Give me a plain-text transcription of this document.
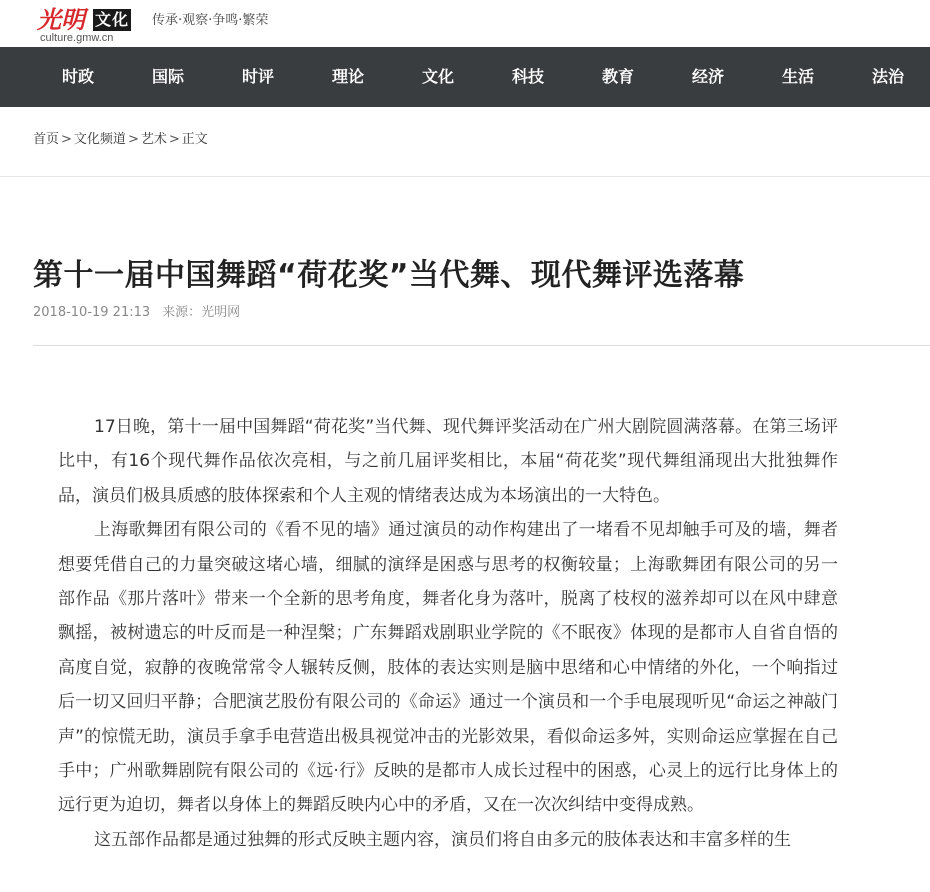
光明 文化
culture.gmw.cn
传承·观察·争鸣·繁荣
时政	国际	时评	理论	文化	科技	教育	经济	生活	法治
首页 > 文化频道 > 艺术 > 正文
第十一届中国舞蹈“荷花奖”当代舞、现代舞评选落幕
2018-10-19 21:13 来源：光明网

17日晚，第十一届中国舞蹈“荷花奖”当代舞、现代舞评奖活动在广州大剧院圆满落幕。在第三场评比中，有16个现代舞作品依次亮相，与之前几届评奖相比，本届“荷花奖”现代舞组涌现出大批独舞作品，演员们极具质感的肢体探索和个人主观的情绪表达成为本场演出的一大特色。

上海歌舞团有限公司的《看不见的墙》通过演员的动作构建出了一堵看不见却触手可及的墙，舞者想要凭借自己的力量突破这堵心墙，细腻的演绎是困惑与思考的权衡较量；上海歌舞团有限公司的另一部作品《那片落叶》带来一个全新的思考角度，舞者化身为落叶，脱离了枝杈的滋养却可以在风中肆意飘摇，被树遗忘的叶反而是一种涅槃；广东舞蹈戏剧职业学院的《不眠夜》体现的是都市人自省自悟的高度自觉，寂静的夜晚常常令人辗转反侧，肢体的表达实则是脑中思绪和心中情绪的外化，一个响指过后一切又回归平静；合肥演艺股份有限公司的《命运》通过一个演员和一个手电展现听见“命运之神敲门声”的惊慌无助，演员手拿手电营造出极具视觉冲击的光影效果，看似命运多舛，实则命运应掌握在自己手中；广州歌舞剧院有限公司的《远·行》反映的是都市人成长过程中的困惑，心灵上的远行比身体上的远行更为迫切，舞者以身体上的舞蹈反映内心中的矛盾，又在一次次纠结中变得成熟。

这五部作品都是通过独舞的形式反映主题内容，演员们将自由多元的肢体表达和丰富多样的生
